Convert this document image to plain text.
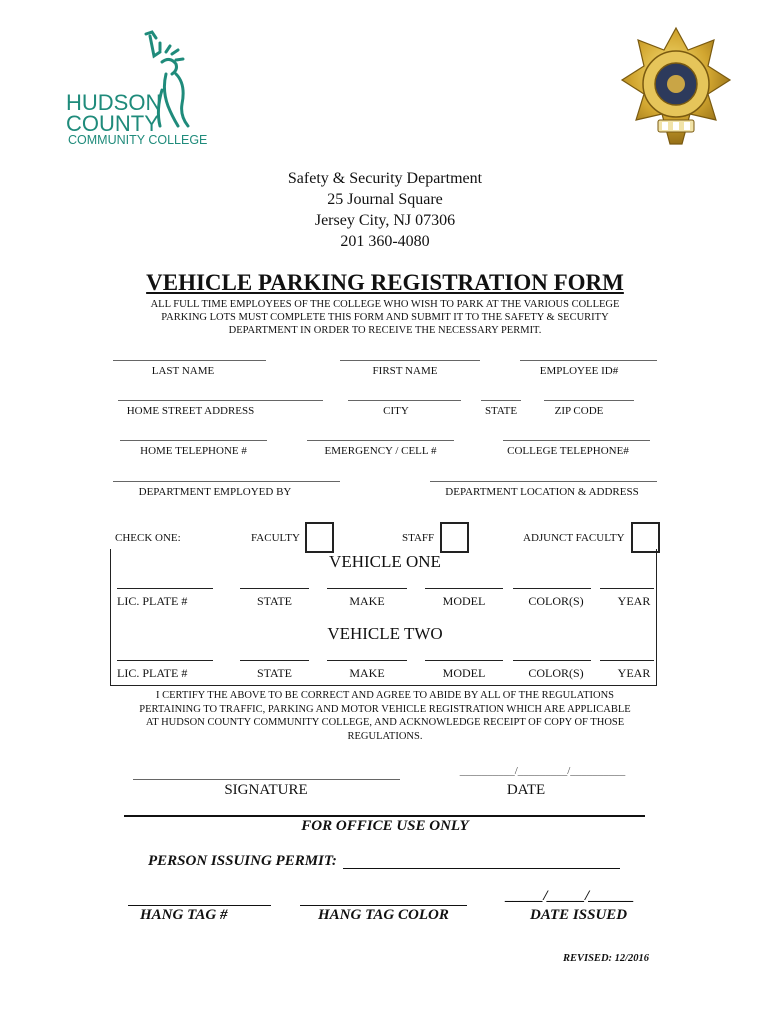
HUDSON
COUNTY
COMMUNITY COLLEGE
Safety & Security Department
25 Journal Square
Jersey City, NJ 07306
201 360-4080
VEHICLE PARKING REGISTRATION FORM
ALL FULL TIME EMPLOYEES OF THE COLLEGE WHO WISH TO PARK AT THE VARIOUS COLLEGE
PARKING LOTS MUST COMPLETE THIS FORM AND SUBMIT IT TO THE SAFETY & SECURITY
DEPARTMENT IN ORDER TO RECEIVE THE NECESSARY PERMIT.
LAST NAME	FIRST NAME	EMPLOYEE ID#
HOME STREET ADDRESS	CITY	STATE	ZIP CODE
HOME TELEPHONE #	EMERGENCY / CELL #	COLLEGE TELEPHONE#
DEPARTMENT EMPLOYED BY	DEPARTMENT LOCATION & ADDRESS
CHECK ONE:	FACULTY	STAFF	ADJUNCT FACULTY
VEHICLE ONE
LIC. PLATE #	STATE	MAKE	MODEL	COLOR(S)	YEAR
VEHICLE TWO
LIC. PLATE #	STATE	MAKE	MODEL	COLOR(S)	YEAR
I CERTIFY THE ABOVE TO BE CORRECT AND AGREE TO ABIDE BY ALL OF THE REGULATIONS
PERTAINING TO TRAFFIC, PARKING AND MOTOR VEHICLE REGISTRATION WHICH ARE APPLICABLE
AT HUDSON COUNTY COMMUNITY COLLEGE, AND ACKNOWLEDGE RECEIPT OF COPY OF THOSE
REGULATIONS.
SIGNATURE
__________/_________/__________
DATE
FOR OFFICE USE ONLY
PERSON ISSUING PERMIT:
HANG TAG #	HANG TAG COLOR
_____/_____/______
DATE ISSUED
REVISED: 12/2016
